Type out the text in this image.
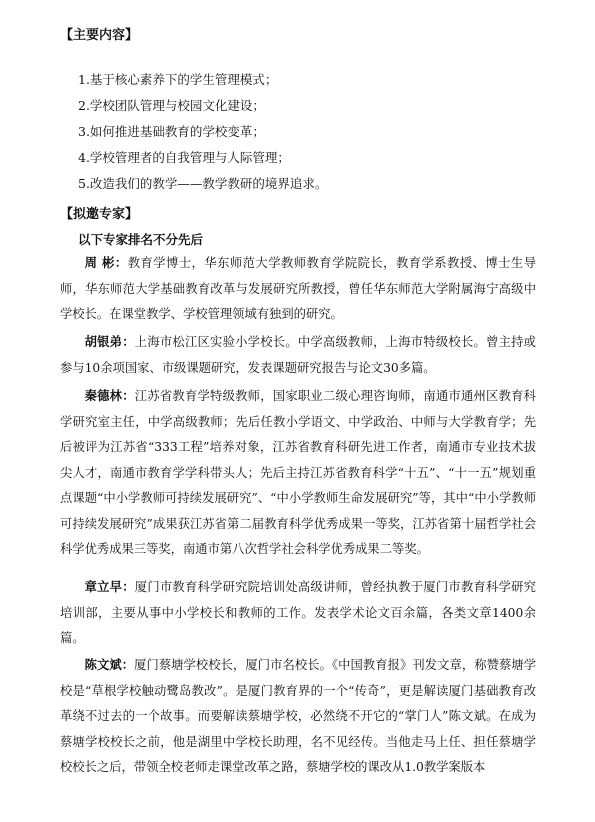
【主要内容】
1.基于核心素养下的学生管理模式；
2.学校团队管理与校园文化建设；
3.如何推进基础教育的学校变革；
4.学校管理者的自我管理与人际管理；
5.改造我们的教学——教学教研的境界追求。
【拟邀专家】
以下专家排名不分先后

周 彬：教育学博士，华东师范大学教师教育学院院长，教育学系教授、博士生导师，华东师范大学基础教育改革与发展研究所教授，曾任华东师范大学附属海宁高级中学校长。在课堂教学、学校管理领域有独到的研究。

胡银弟：上海市松江区实验小学校长。中学高级教师，上海市特级校长。曾主持或参与10余项国家、市级课题研究，发表课题研究报告与论文30多篇。

秦德林：江苏省教育学特级教师，国家职业二级心理咨询师，南通市通州区教育科学研究室主任，中学高级教师；先后任教小学语文、中学政治、中师与大学教育学；先后被评为江苏省“333工程”培养对象，江苏省教育科研先进工作者，南通市专业技术拔尖人才，南通市教育学学科带头人；先后主持江苏省教育科学“十五”、“十一五”规划重点课题“中小学教师可持续发展研究”、“中小学教师生命发展研究”等，其中“中小学教师可持续发展研究”成果获江苏省第二届教育科学优秀成果一等奖，江苏省第十届哲学社会科学优秀成果三等奖，南通市第八次哲学社会科学优秀成果二等奖。

章立早：厦门市教育科学研究院培训处高级讲师，曾经执教于厦门市教育科学研究培训部，主要从事中小学校长和教师的工作。发表学术论文百余篇，各类文章1400余篇。

陈文斌：厦门蔡塘学校校长，厦门市名校长。《中国教育报》刊发文章，称赞蔡塘学校是“草根学校触动鹭岛教改”。是厦门教育界的一个“传奇”，更是解读厦门基础教育改革绕不过去的一个故事。而要解读蔡塘学校，必然绕不开它的“掌门人”陈文斌。在成为蔡塘学校校长之前，他是湖里中学校长助理，名不见经传。当他走马上任、担任蔡塘学校校长之后，带领全校老师走课堂改革之路，蔡塘学校的课改从1.0教学案版本
